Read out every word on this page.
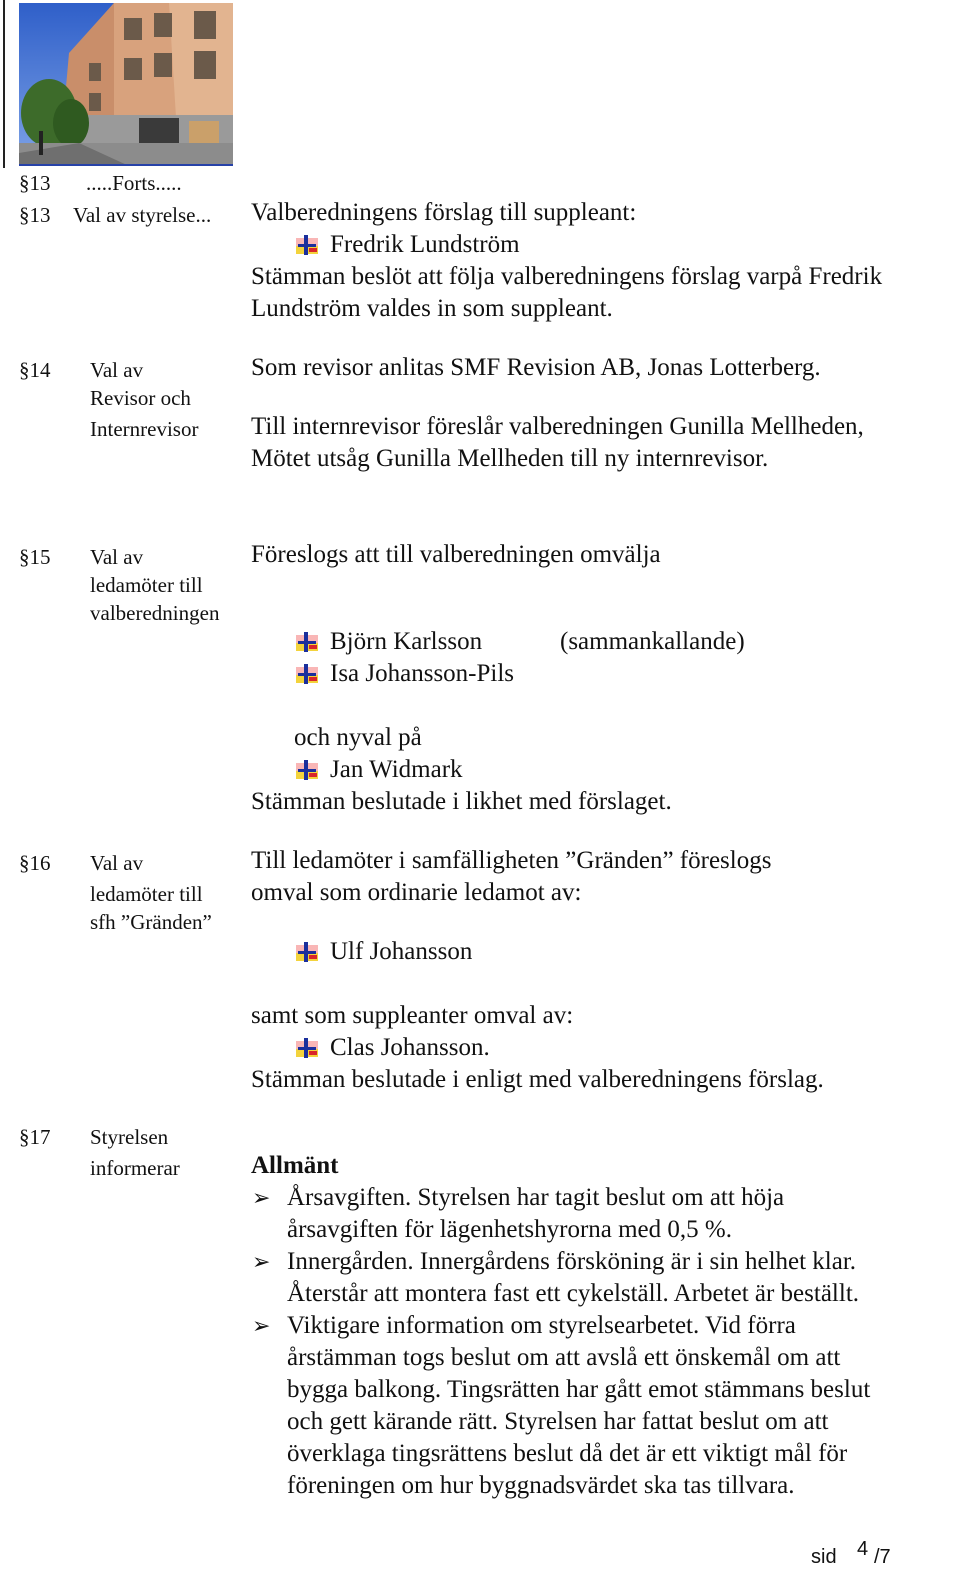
§13 .....Forts.....
§13 Val av styrelse... Valberedningens förslag till suppleant:
Fredrik Lundström
Stämman beslöt att följa valberedningens förslag varpå Fredrik
Lundström valdes in som suppleant.
§14 Val av
Revisor och
Internrevisor
Som revisor anlitas SMF Revision AB, Jonas Lotterberg.
Till internrevisor föreslår valberedningen Gunilla Mellheden,
Mötet utsåg Gunilla Mellheden till ny internrevisor.
§15 Val av
ledamöter till
valberedningen
Föreslogs att till valberedningen omvälja
Björn Karlsson	(sammankallande)
Isa Johansson-Pils
och nyval på
Jan Widmark
Stämman beslutade i likhet med förslaget.
§16 Val av
ledamöter till
sfh ”Gränden”
Till ledamöter i samfälligheten ”Gränden” föreslogs
omval som ordinarie ledamot av:
Ulf Johansson
samt som suppleanter omval av:
Clas Johansson.
Stämman beslutade i enligt med valberedningens förslag.
§17 Styrelsen
informerar	Allmänt
➢ Årsavgiften. Styrelsen har tagit beslut om att höja
årsavgiften för lägenhetshyrorna med 0,5 %.
➢ Innergården. Innergårdens försköning är i sin helhet klar.
Återstår att montera fast ett cykelställ. Arbetet är beställt.
➢ Viktigare information om styrelsearbetet. Vid förra
årstämman togs beslut om att avslå ett önskemål om att
bygga balkong. Tingsrätten har gått emot stämmans beslut
och gett kärande rätt. Styrelsen har fattat beslut om att
överklaga tingsrättens beslut då det är ett viktigt mål för
föreningen om hur byggnadsvärdet ska tas tillvara.
sid 4 /7
